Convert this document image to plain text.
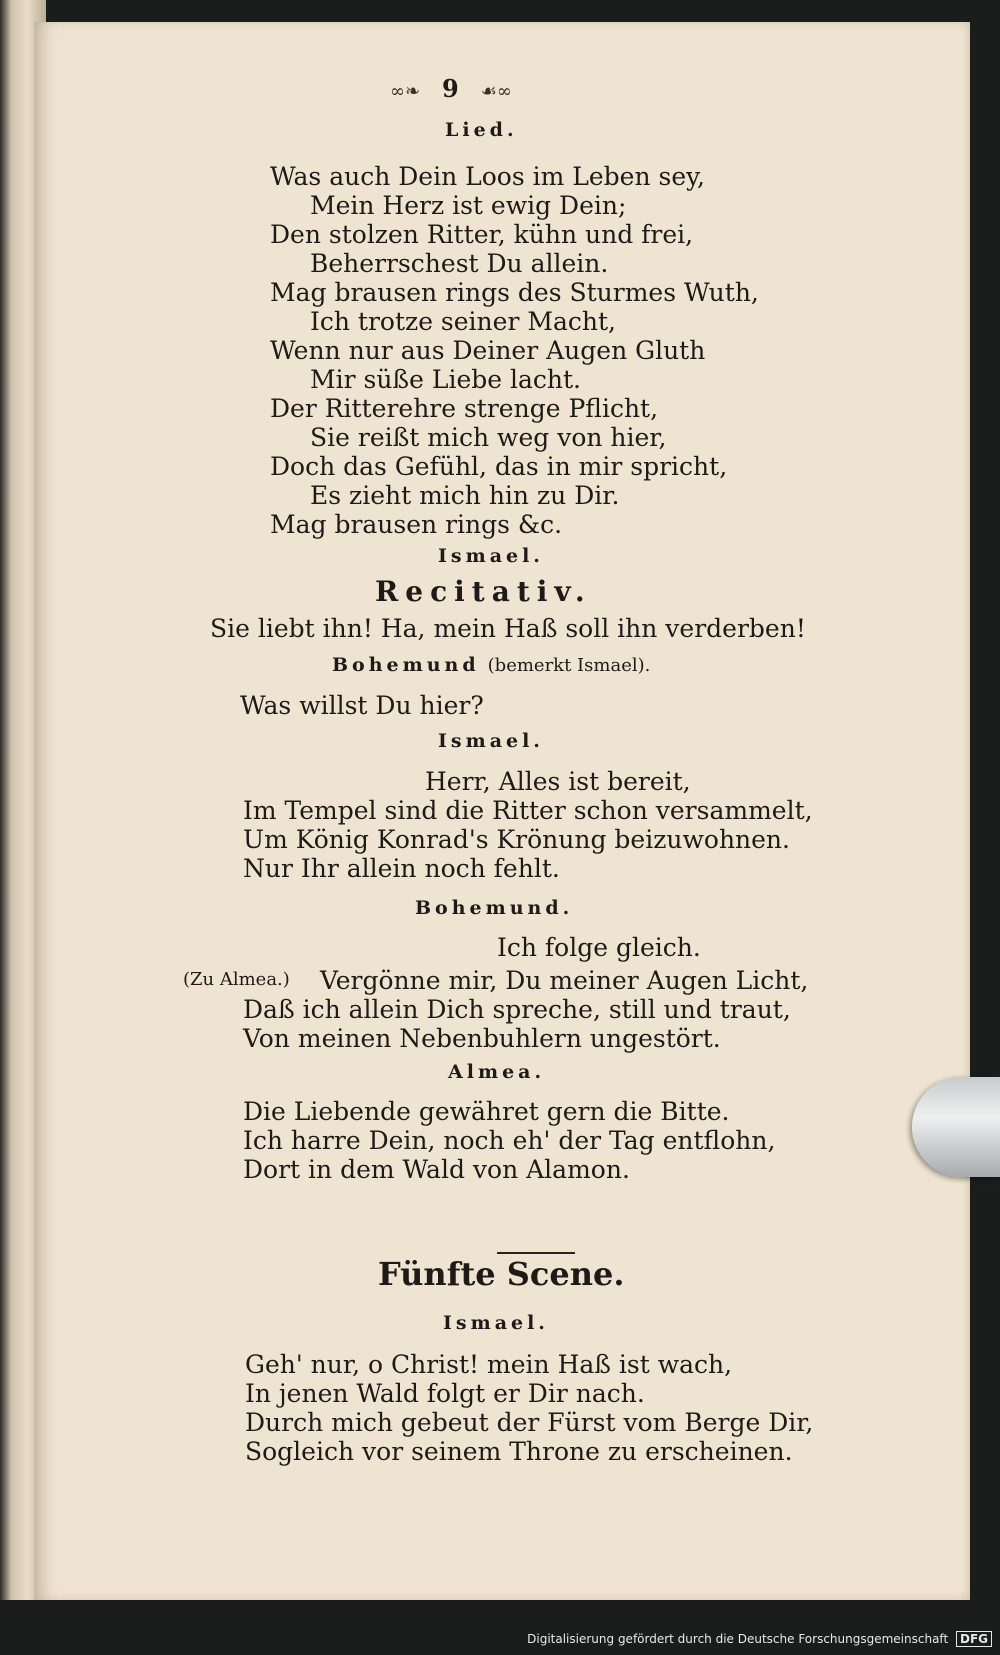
∞❧ 9 ☙∞
Lied.
Was auch Dein Loos im Leben sey,
Mein Herz ist ewig Dein;
Den stolzen Ritter, kühn und frei,
Beherrschest Du allein.
Mag brausen rings des Sturmes Wuth,
Ich trotze seiner Macht,
Wenn nur aus Deiner Augen Gluth
Mir süße Liebe lacht.
Der Ritterehre strenge Pflicht,
Sie reißt mich weg von hier,
Doch das Gefühl, das in mir spricht,
Es zieht mich hin zu Dir.
Mag brausen rings &c.
Ismael.
Recitativ.
Sie liebt ihn! Ha, mein Haß soll ihn verderben!
Bohemund (bemerkt Ismael).
Was willst Du hier?
Ismael.
Herr, Alles ist bereit,
Im Tempel sind die Ritter schon versammelt,
Um König Konrad's Krönung beizuwohnen.
Nur Ihr allein noch fehlt.
Bohemund.
Ich folge gleich.
(Zu Almea.) Vergönne mir, Du meiner Augen Licht,
Daß ich allein Dich spreche, still und traut,
Von meinen Nebenbuhlern ungestört.
Almea.
Die Liebende gewähret gern die Bitte.
Ich harre Dein, noch eh' der Tag entflohn,
Dort in dem Wald von Alamon.
Fünfte Scene.
Ismael.
Geh' nur, o Christ! mein Haß ist wach,
In jenen Wald folgt er Dir nach.
Durch mich gebeut der Fürst vom Berge Dir,
Sogleich vor seinem Throne zu erscheinen.
Digitalisierung gefördert durch die Deutsche Forschungsgemeinschaft DFG
